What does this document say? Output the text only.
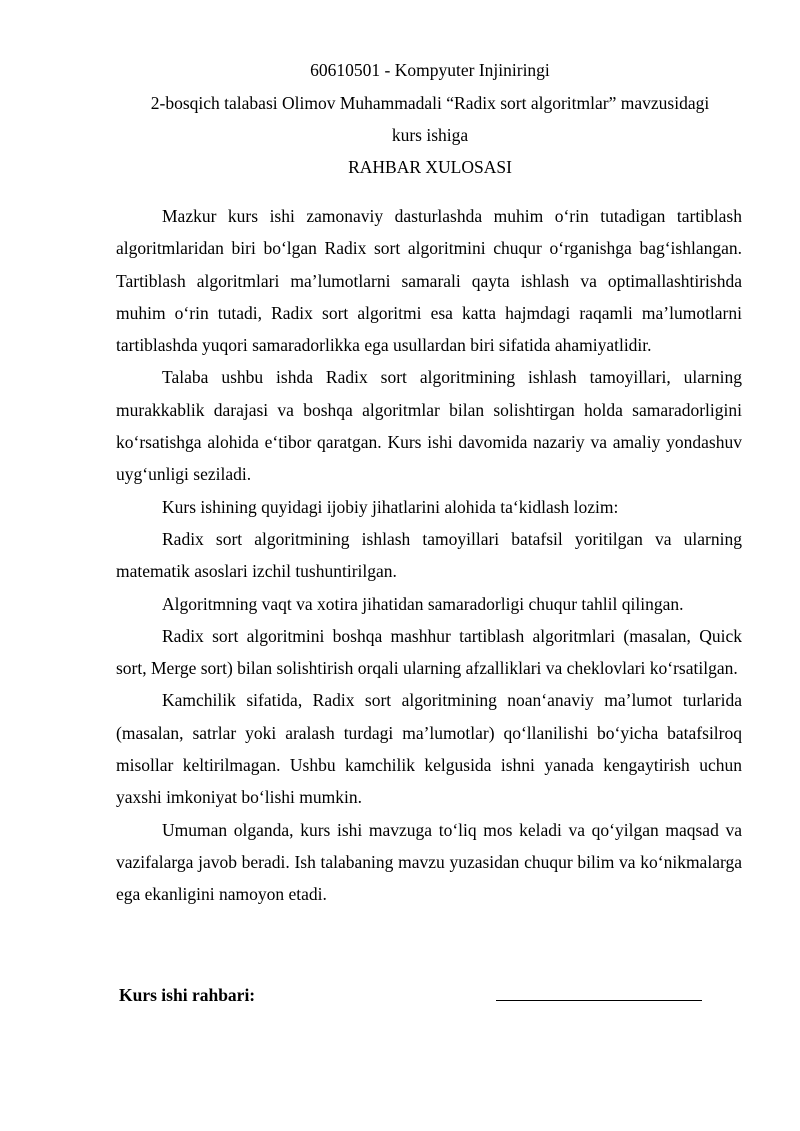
60610501 - Kompyuter Injiniringi
2-bosqich talabasi Olimov Muhammadali “Radix sort algoritmlar” mavzusidagi
kurs ishiga
RAHBAR XULOSASI

Mazkur kurs ishi zamonaviy dasturlashda muhim oʻrin tutadigan tartiblash algoritmlaridan biri boʻlgan Radix sort algoritmini chuqur oʻrganishga bagʻishlangan. Tartiblash algoritmlari maʼlumotlarni samarali qayta ishlash va optimallashtirishda muhim oʻrin tutadi, Radix sort algoritmi esa katta hajmdagi raqamli maʼlumotlarni tartiblashda yuqori samaradorlikka ega usullardan biri sifatida ahamiyatlidir.

Talaba ushbu ishda Radix sort algoritmining ishlash tamoyillari, ularning murakkablik darajasi va boshqa algoritmlar bilan solishtirgan holda samaradorligini koʻrsatishga alohida eʻtibor qaratgan. Kurs ishi davomida nazariy va amaliy yondashuv uygʻunligi seziladi.

Kurs ishining quyidagi ijobiy jihatlarini alohida taʻkidlash lozim:

Radix sort algoritmining ishlash tamoyillari batafsil yoritilgan va ularning matematik asoslari izchil tushuntirilgan.

Algoritmning vaqt va xotira jihatidan samaradorligi chuqur tahlil qilingan.

Radix sort algoritmini boshqa mashhur tartiblash algoritmlari (masalan, Quick sort, Merge sort) bilan solishtirish orqali ularning afzalliklari va cheklovlari koʻrsatilgan.

Kamchilik sifatida, Radix sort algoritmining noanʻanaviy maʼlumot turlarida (masalan, satrlar yoki aralash turdagi maʼlumotlar) qoʻllanilishi boʻyicha batafsilroq misollar keltirilmagan. Ushbu kamchilik kelgusida ishni yanada kengaytirish uchun yaxshi imkoniyat boʻlishi mumkin.

Umuman olganda, kurs ishi mavzuga toʻliq mos keladi va qoʻyilgan maqsad va vazifalarga javob beradi. Ish talabaning mavzu yuzasidan chuqur bilim va koʻnikmalarga ega ekanligini namoyon etadi.

Kurs ishi rahbari:
